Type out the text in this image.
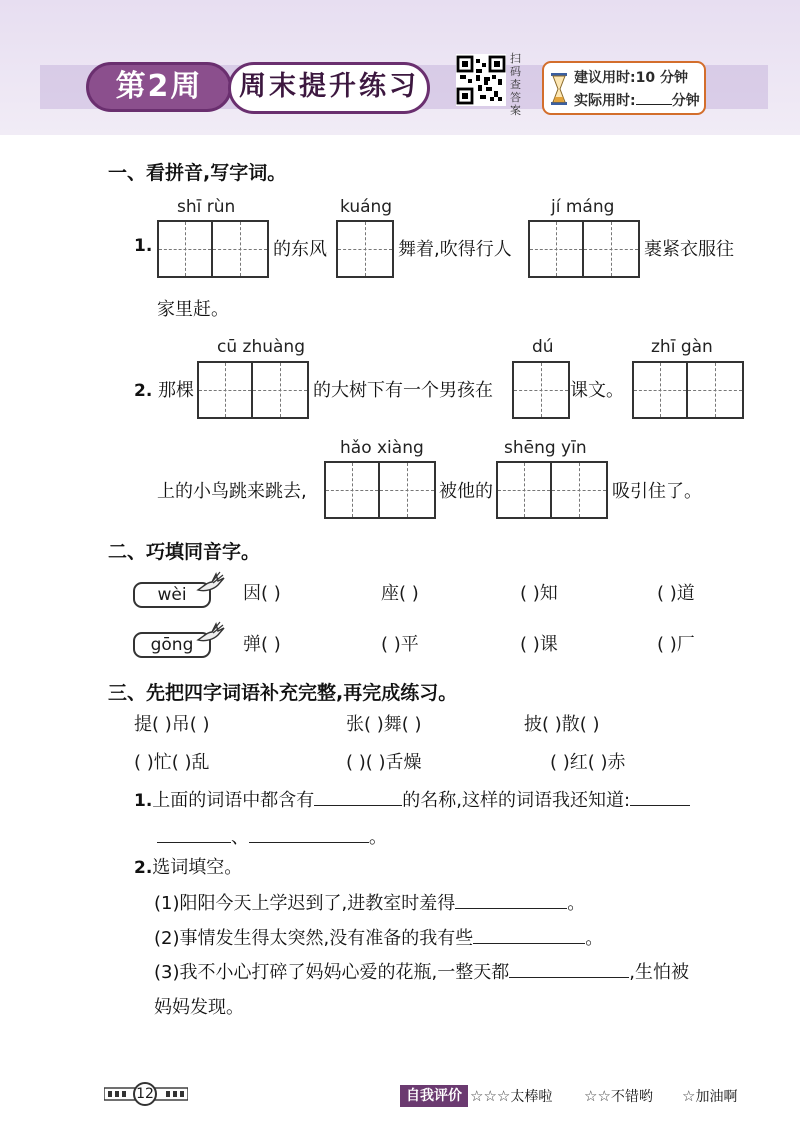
第2周	周末提升练习
扫码查答案
建议用时:10 分钟
实际用时:	分钟
一、看拼音,写字词。
shī rùn	kuáng	jí máng
1.	的东风	舞着,吹得行人	裹紧衣服往
家里赶。
cū zhuàng	dú	zhī gàn
2. 那棵	的大树下有一个男孩在	课文。
hǎo xiàng	shēng yīn
上的小鸟跳来跳去,	被他的	吸引住了。
二、巧填同音字。
wèi	因( )	座( )	( )知	( )道
gōng	弹( )	( )平	( )课	( )厂
三、先把四字词语补充完整,再完成练习。
提( )吊( )	张( )舞( )	披( )散( )
( )忙( )乱	( )( )舌燥	( )红( )赤
1.上面的词语中都含有	的名称,这样的词语我还知道:
、	。
2.选词填空。
(1)阳阳今天上学迟到了,进教室时羞得	。
(2)事情发生得太突然,没有准备的我有些	。
(3)我不小心打碎了妈妈心爱的花瓶,一整天都	,生怕被
妈妈发现。
12	自我评价 ☆☆☆太棒啦 ☆☆不错哟 ☆加油啊
